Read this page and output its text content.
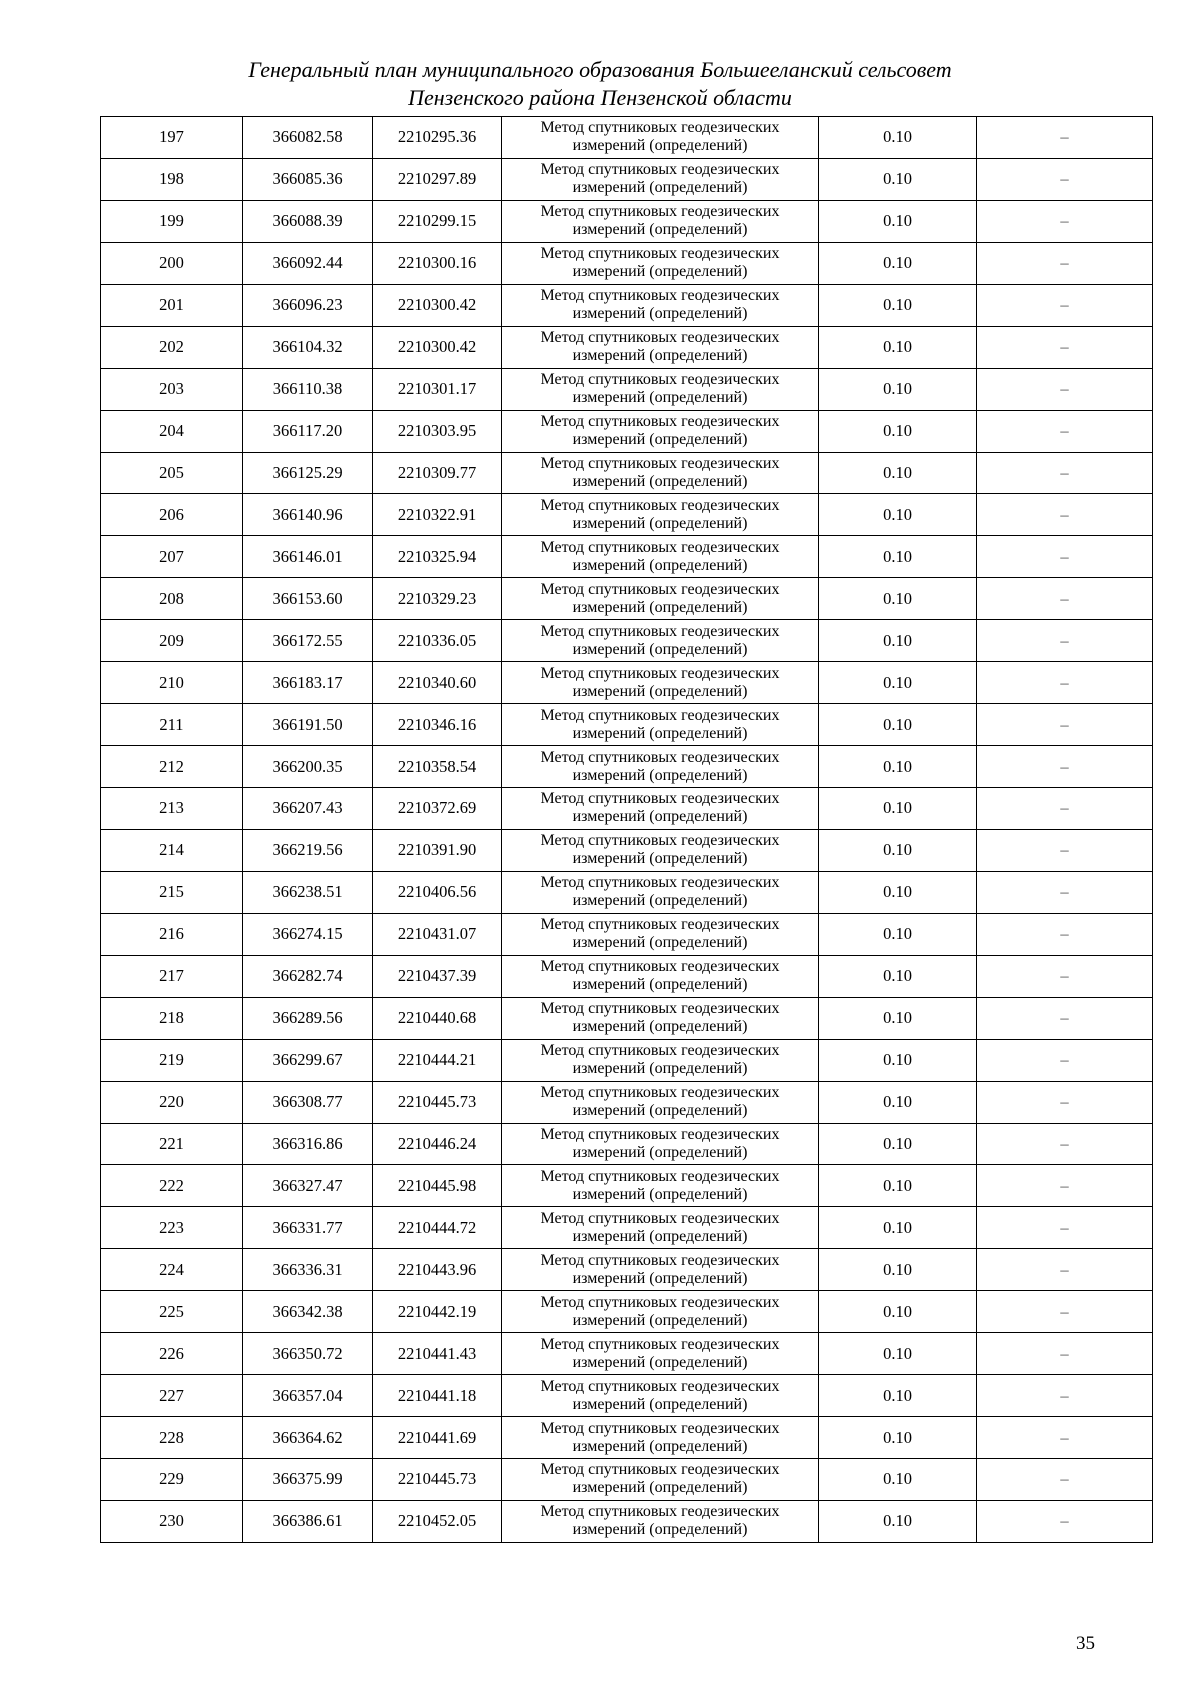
Генеральный план муниципального образования Большееланский сельсовет
Пензенского района Пензенской области
197	366082.58	2210295.36	Метод спутниковых геодезических
измерений (определений)	0.10	–
198	366085.36	2210297.89	Метод спутниковых геодезических
измерений (определений)	0.10	–
199	366088.39	2210299.15	Метод спутниковых геодезических
измерений (определений)	0.10	–
200	366092.44	2210300.16	Метод спутниковых геодезических
измерений (определений)	0.10	–
201	366096.23	2210300.42	Метод спутниковых геодезических
измерений (определений)	0.10	–
202	366104.32	2210300.42	Метод спутниковых геодезических
измерений (определений)	0.10	–
203	366110.38	2210301.17	Метод спутниковых геодезических
измерений (определений)	0.10	–
204	366117.20	2210303.95	Метод спутниковых геодезических
измерений (определений)	0.10	–
205	366125.29	2210309.77	Метод спутниковых геодезических
измерений (определений)	0.10	–
206	366140.96	2210322.91	Метод спутниковых геодезических
измерений (определений)	0.10	–
207	366146.01	2210325.94	Метод спутниковых геодезических
измерений (определений)	0.10	–
208	366153.60	2210329.23	Метод спутниковых геодезических
измерений (определений)	0.10	–
209	366172.55	2210336.05	Метод спутниковых геодезических
измерений (определений)	0.10	–
210	366183.17	2210340.60	Метод спутниковых геодезических
измерений (определений)	0.10	–
211	366191.50	2210346.16	Метод спутниковых геодезических
измерений (определений)	0.10	–
212	366200.35	2210358.54	Метод спутниковых геодезических
измерений (определений)	0.10	–
213	366207.43	2210372.69	Метод спутниковых геодезических
измерений (определений)	0.10	–
214	366219.56	2210391.90	Метод спутниковых геодезических
измерений (определений)	0.10	–
215	366238.51	2210406.56	Метод спутниковых геодезических
измерений (определений)	0.10	–
216	366274.15	2210431.07	Метод спутниковых геодезических
измерений (определений)	0.10	–
217	366282.74	2210437.39	Метод спутниковых геодезических
измерений (определений)	0.10	–
218	366289.56	2210440.68	Метод спутниковых геодезических
измерений (определений)	0.10	–
219	366299.67	2210444.21	Метод спутниковых геодезических
измерений (определений)	0.10	–
220	366308.77	2210445.73	Метод спутниковых геодезических
измерений (определений)	0.10	–
221	366316.86	2210446.24	Метод спутниковых геодезических
измерений (определений)	0.10	–
222	366327.47	2210445.98	Метод спутниковых геодезических
измерений (определений)	0.10	–
223	366331.77	2210444.72	Метод спутниковых геодезических
измерений (определений)	0.10	–
224	366336.31	2210443.96	Метод спутниковых геодезических
измерений (определений)	0.10	–
225	366342.38	2210442.19	Метод спутниковых геодезических
измерений (определений)	0.10	–
226	366350.72	2210441.43	Метод спутниковых геодезических
измерений (определений)	0.10	–
227	366357.04	2210441.18	Метод спутниковых геодезических
измерений (определений)	0.10	–
228	366364.62	2210441.69	Метод спутниковых геодезических
измерений (определений)	0.10	–
229	366375.99	2210445.73	Метод спутниковых геодезических
измерений (определений)	0.10	–
230	366386.61	2210452.05	Метод спутниковых геодезических
измерений (определений)	0.10	–
35
